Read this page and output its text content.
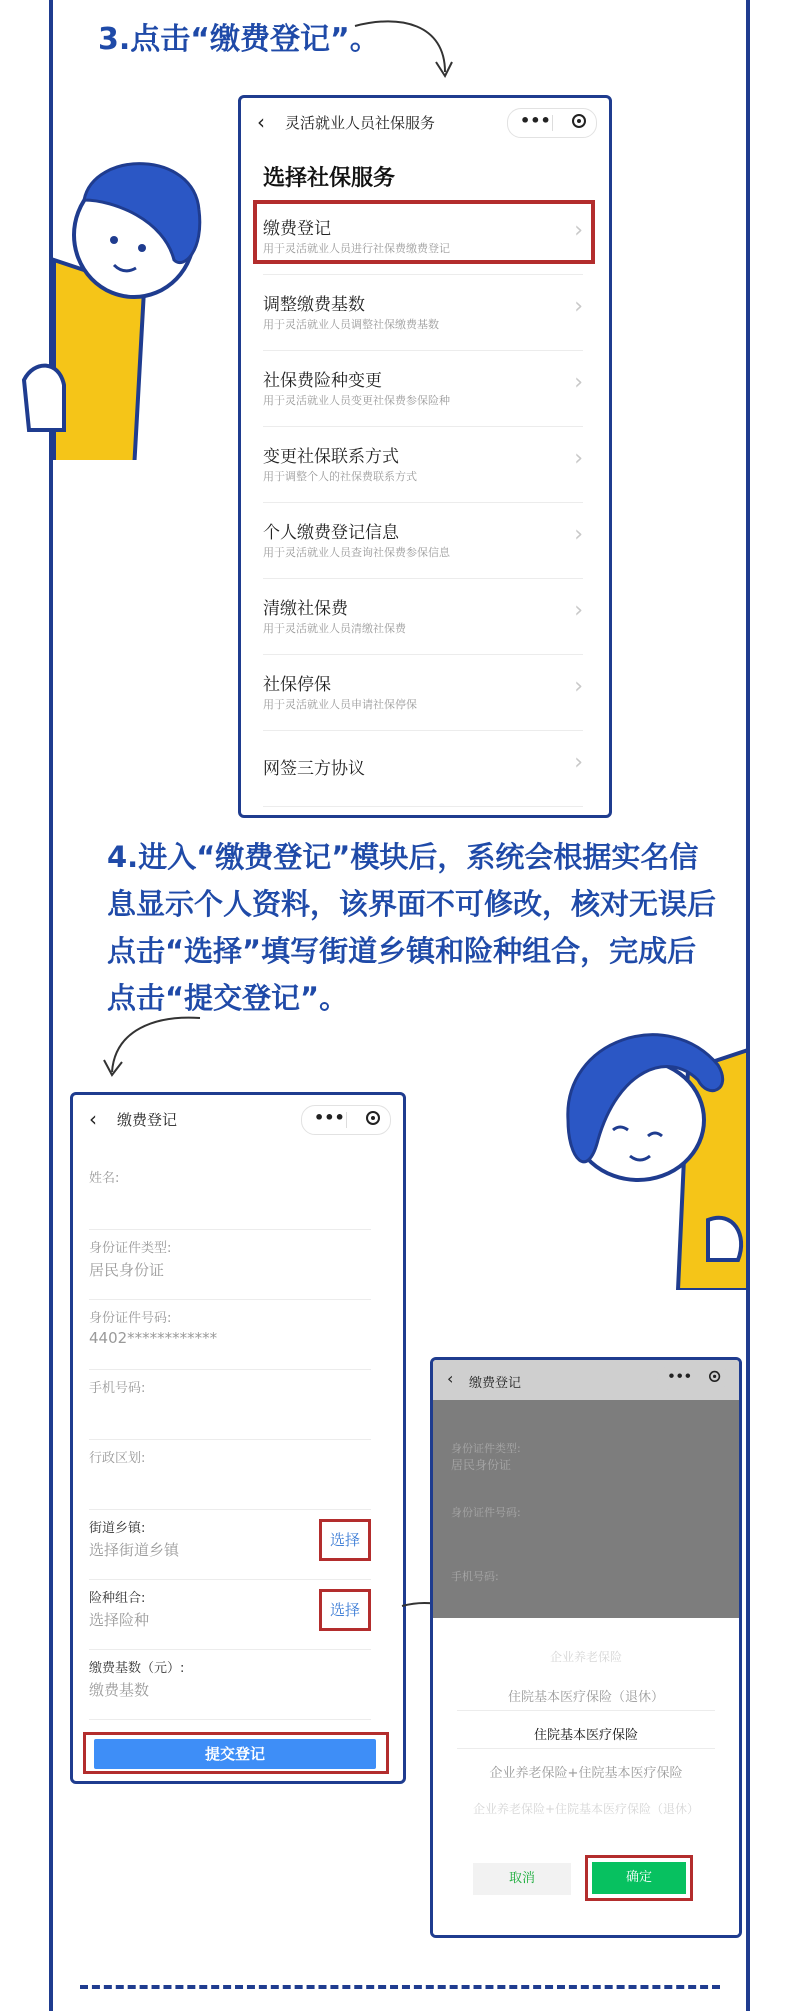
3.点击“缴费登记”。
‹ 灵活就业人员社保服务	•••
选择社保服务
缴费登记
用于灵活就业人员进行社保费缴费登记
›
调整缴费基数
用于灵活就业人员调整社保缴费基数
›
社保费险种变更
用于灵活就业人员变更社保费参保险种
›
变更社保联系方式
用于调整个人的社保费联系方式
›
个人缴费登记信息
用于灵活就业人员查询社保费参保信息
›
清缴社保费
用于灵活就业人员清缴社保费
›
社保停保
用于灵活就业人员申请社保停保
›
网签三方协议	›
4.进入“缴费登记”模块后，系统会根据实名信息显示个人资料，该界面不可修改，核对无误后点击“选择”填写街道乡镇和险种组合，完成后点击“提交登记”。
‹ 缴费登记	•••
姓名:
身份证件类型:
居民身份证
身份证件号码:
4402************
手机号码:
行政区划:
街道乡镇:
选择街道乡镇
选择
险种组合:
选择险种
选择
缴费基数（元）:
缴费基数
提交登记
‹ 缴费登记	•••
身份证件类型:
居民身份证
身份证件号码:
手机号码:
企业养老保险
住院基本医疗保险（退休）
住院基本医疗保险
企业养老保险+住院基本医疗保险
企业养老保险+住院基本医疗保险（退休）
取消	确定
